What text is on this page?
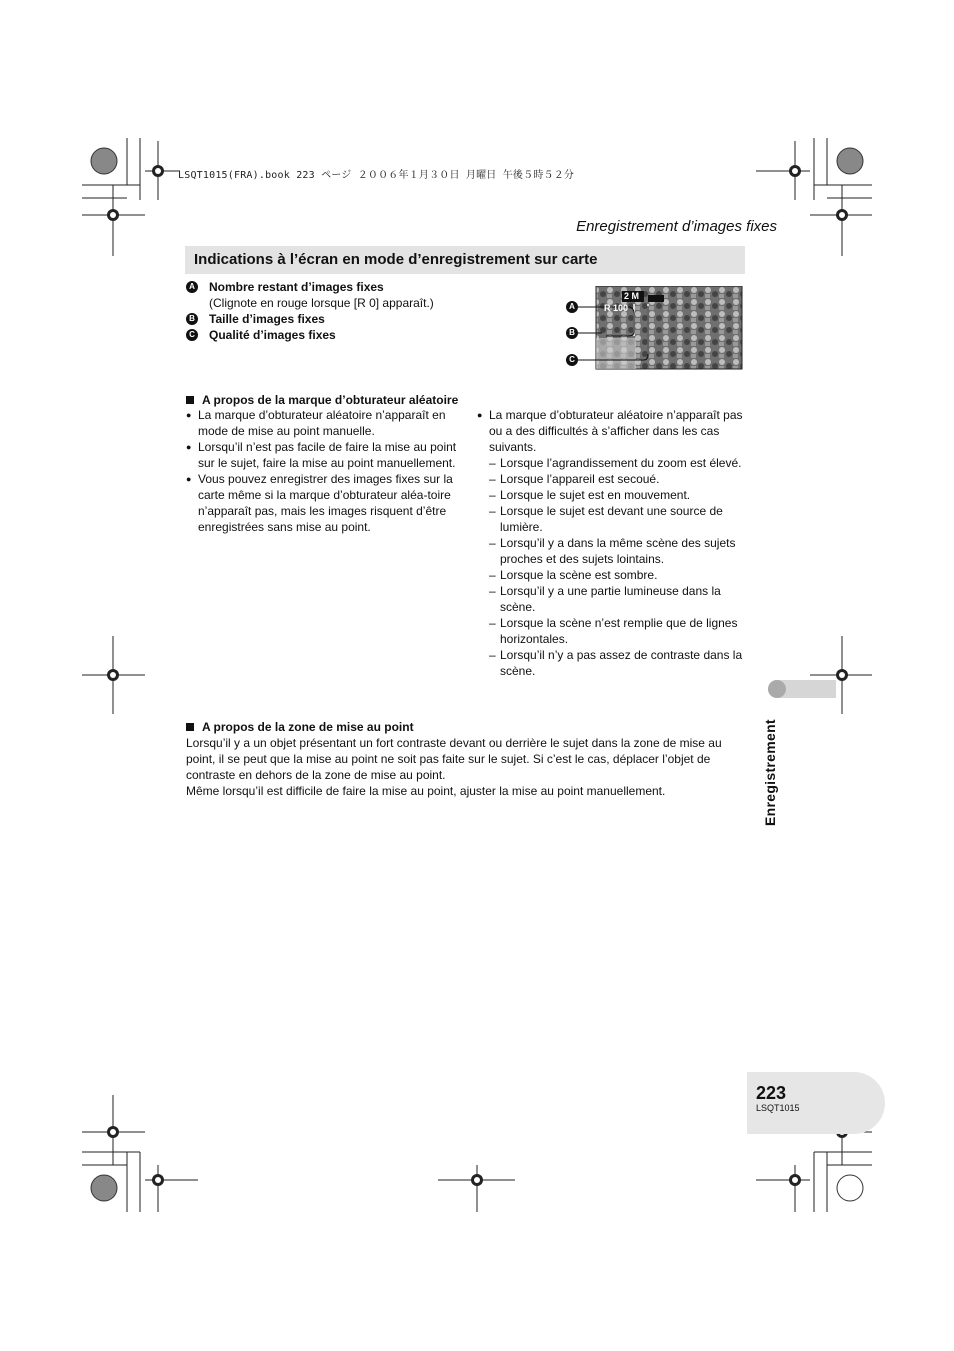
LSQT1015(FRA).book 223 ページ ２００６年１月３０日 月曜日 午後５時５２分
Enregistrement d’images fixes
Indications à l’écran en mode d’enregistrement sur carte
A Nombre restant d’images fixes
(Clignote en rouge lorsque [R 0] apparaît.)
B Taille d’images fixes
C Qualité d’images fixes
A
B
C
R 100
2 M
A propos de la marque d’obturateur aléatoire
● La marque d’obturateur aléatoire n’apparaît en mode de mise au point manuelle.
● Lorsqu’il n’est pas facile de faire la mise au point sur le sujet, faire la mise au point manuellement.
● Vous pouvez enregistrer des images fixes sur la carte même si la marque d’obturateur aléa-toire n’apparaît pas, mais les images risquent d’être enregistrées sans mise au point.
● La marque d’obturateur aléatoire n’apparaît pas ou a des difficultés à s’afficher dans les cas suivants.
– Lorsque l’agrandissement du zoom est élevé.
– Lorsque l’appareil est secoué.
– Lorsque le sujet est en mouvement.
– Lorsque le sujet est devant une source de lumière.
– Lorsqu’il y a dans la même scène des sujets proches et des sujets lointains.
– Lorsque la scène est sombre.
– Lorsqu’il y a une partie lumineuse dans la scène.
– Lorsque la scène n’est remplie que de lignes horizontales.
– Lorsqu’il n’y a pas assez de contraste dans la scène.
A propos de la zone de mise au point
Lorsqu’il y a un objet présentant un fort contraste devant ou derrière le sujet dans la zone de mise au point, il se peut que la mise au point ne soit pas faite sur le sujet. Si c’est le cas, déplacer l’objet de contraste en dehors de la zone de mise au point.
Même lorsqu’il est difficile de faire la mise au point, ajuster la mise au point manuellement.	Enregistrement
223
LSQT1015
